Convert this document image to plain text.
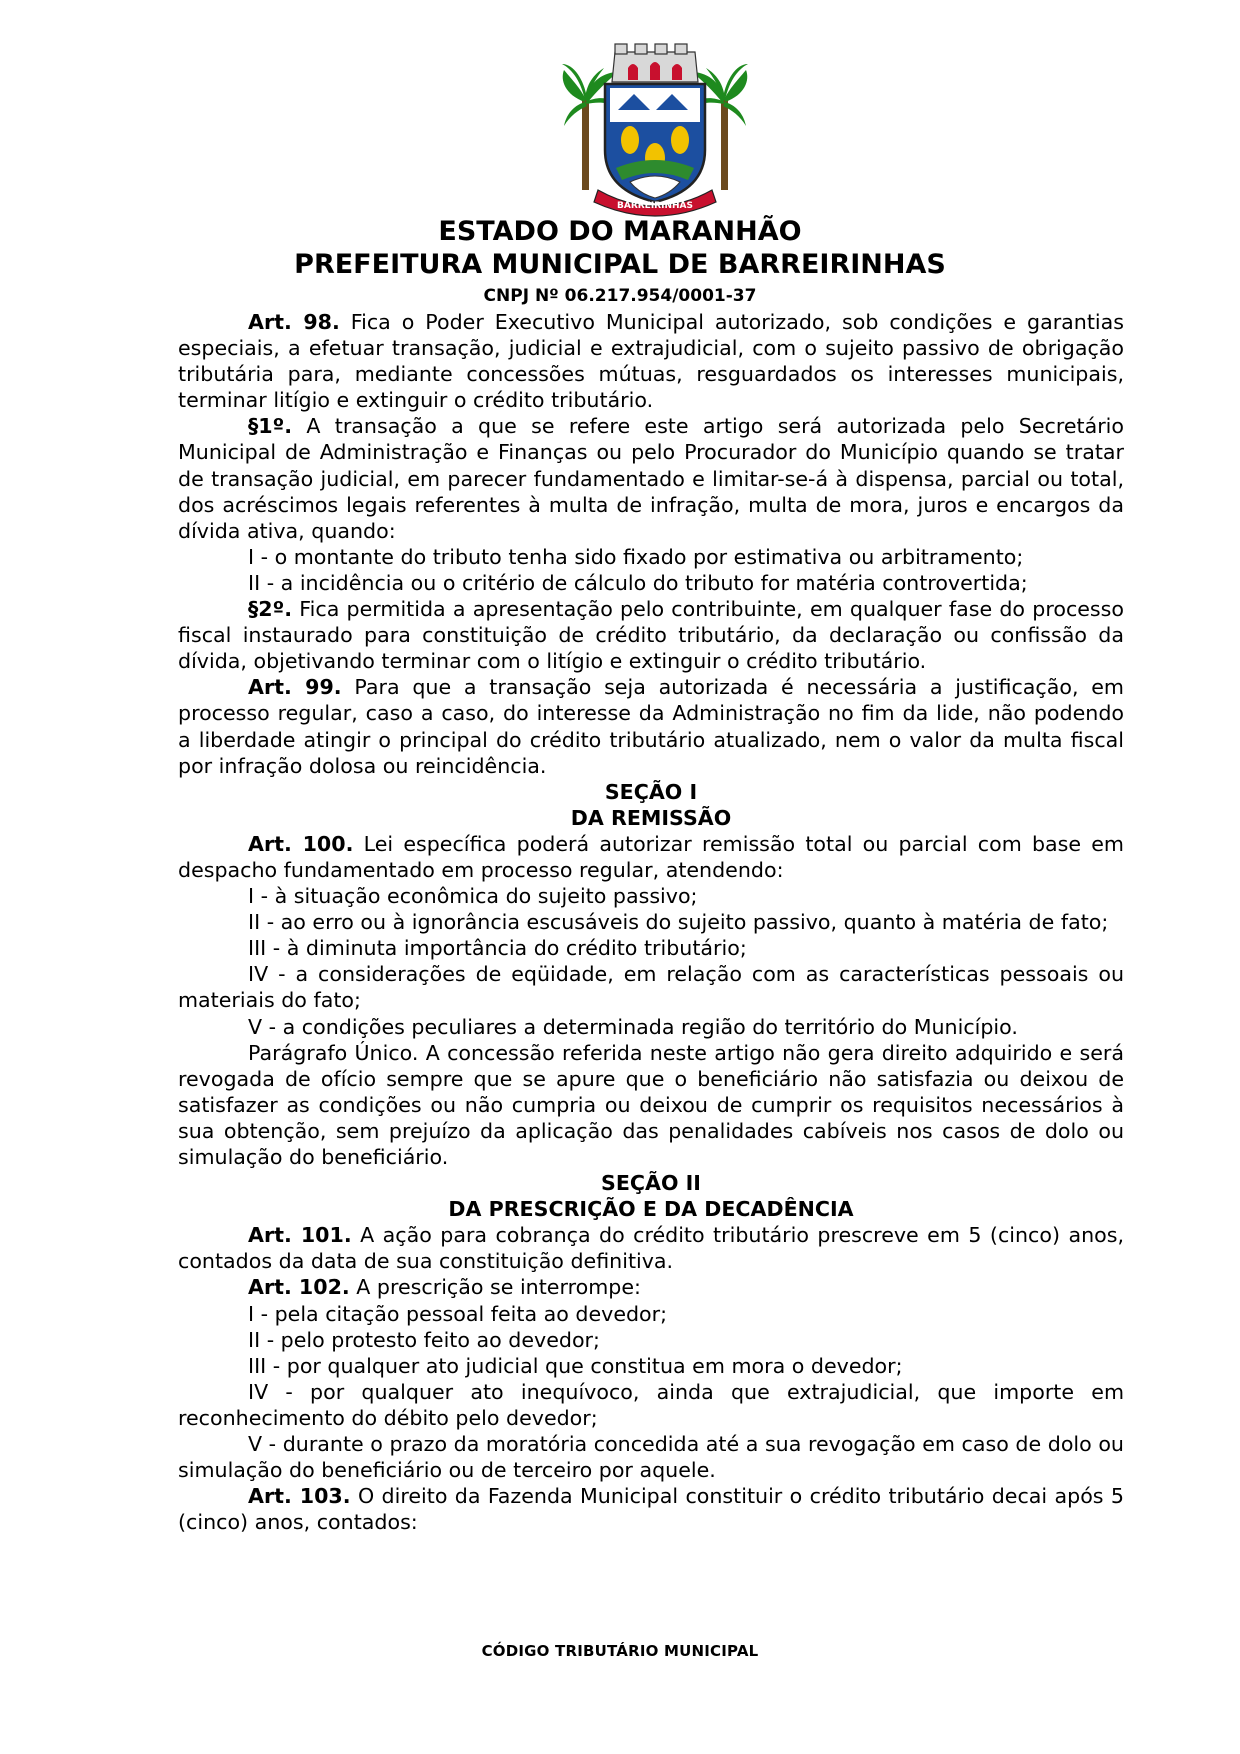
BARREIRINHAS
ESTADO DO MARANHÃO
PREFEITURA MUNICIPAL DE BARREIRINHAS
CNPJ Nº 06.217.954/0001-37

Art. 98. Fica o Poder Executivo Municipal autorizado, sob condições e garantias especiais, a efetuar transação, judicial e extrajudicial, com o sujeito passivo de obrigação tributária para, mediante concessões mútuas, resguardados os interesses municipais, terminar litígio e extinguir o crédito tributário.

§1º. A transação a que se refere este artigo será autorizada pelo Secretário Municipal de Administração e Finanças ou pelo Procurador do Município quando se tratar de transação judicial, em parecer fundamentado e limitar-se-á à dispensa, parcial ou total, dos acréscimos legais referentes à multa de infração, multa de mora, juros e encargos da dívida ativa, quando:

I - o montante do tributo tenha sido fixado por estimativa ou arbitramento;

II - a incidência ou o critério de cálculo do tributo for matéria controvertida;

§2º. Fica permitida a apresentação pelo contribuinte, em qualquer fase do processo fiscal instaurado para constituição de crédito tributário, da declaração ou confissão da dívida, objetivando terminar com o litígio e extinguir o crédito tributário.

Art. 99. Para que a transação seja autorizada é necessária a justificação, em processo regular, caso a caso, do interesse da Administração no fim da lide, não podendo a liberdade atingir o principal do crédito tributário atualizado, nem o valor da multa fiscal por infração dolosa ou reincidência.

SEÇÃO I

DA REMISSÃO

Art. 100. Lei específica poderá autorizar remissão total ou parcial com base em despacho fundamentado em processo regular, atendendo:

I - à situação econômica do sujeito passivo;

II - ao erro ou à ignorância escusáveis do sujeito passivo, quanto à matéria de fato;

III - à diminuta importância do crédito tributário;

IV - a considerações de eqüidade, em relação com as características pessoais ou materiais do fato;

V - a condições peculiares a determinada região do território do Município.

Parágrafo Único. A concessão referida neste artigo não gera direito adquirido e será revogada de ofício sempre que se apure que o beneficiário não satisfazia ou deixou de satisfazer as condições ou não cumpria ou deixou de cumprir os requisitos necessários à sua obtenção, sem prejuízo da aplicação das penalidades cabíveis nos casos de dolo ou simulação do beneficiário.

SEÇÃO II

DA PRESCRIÇÃO E DA DECADÊNCIA

Art. 101. A ação para cobrança do crédito tributário prescreve em 5 (cinco) anos, contados da data de sua constituição definitiva.

Art. 102. A prescrição se interrompe:

I - pela citação pessoal feita ao devedor;

II - pelo protesto feito ao devedor;

III - por qualquer ato judicial que constitua em mora o devedor;

IV - por qualquer ato inequívoco, ainda que extrajudicial, que importe em reconhecimento do débito pelo devedor;

V - durante o prazo da moratória concedida até a sua revogação em caso de dolo ou simulação do beneficiário ou de terceiro por aquele.

Art. 103. O direito da Fazenda Municipal constituir o crédito tributário decai após 5 (cinco) anos, contados:

CÓDIGO TRIBUTÁRIO MUNICIPAL
